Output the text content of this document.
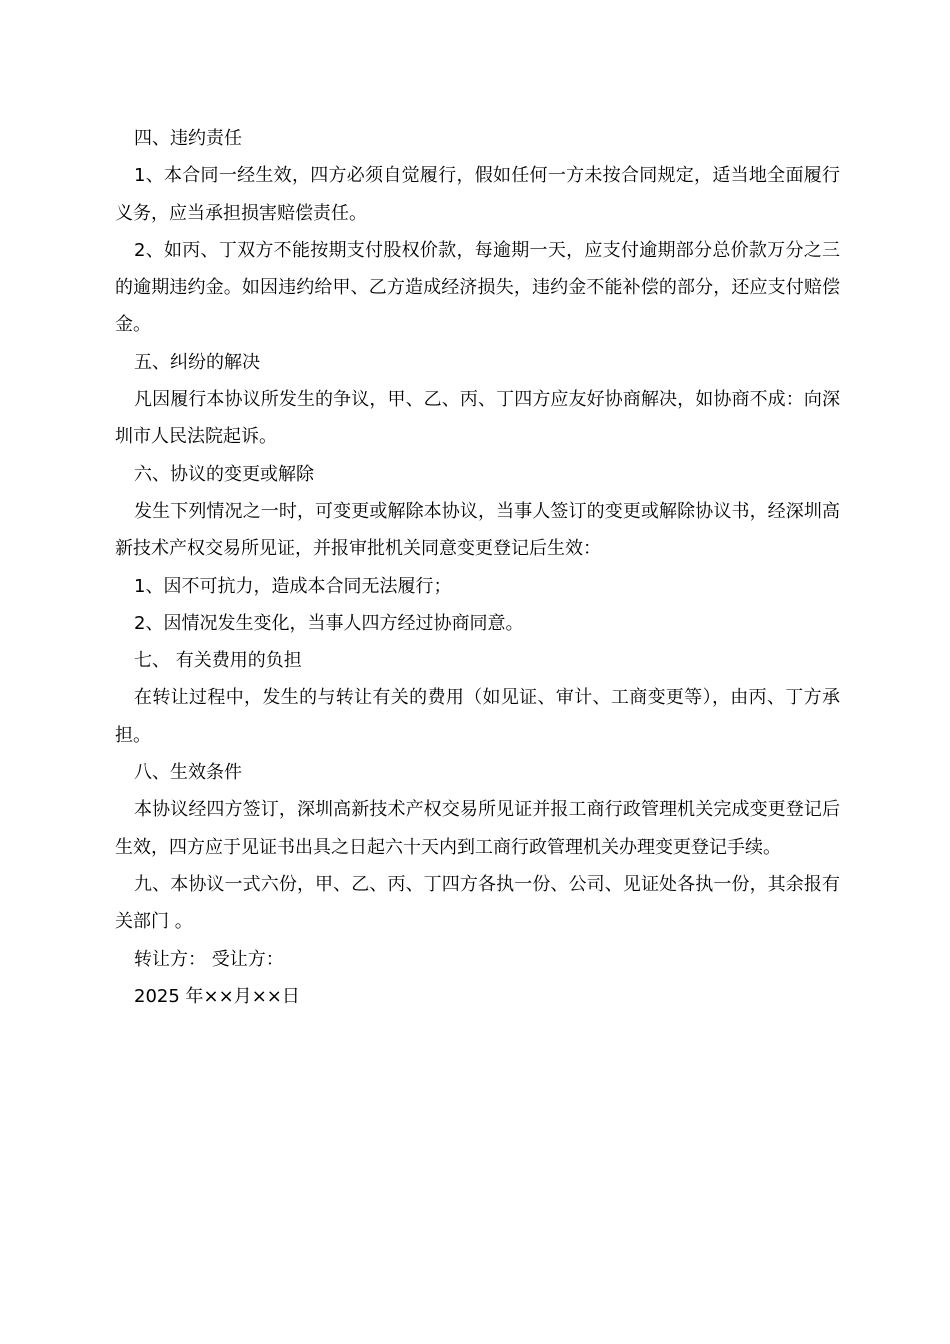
四、违约责任

1、本合同一经生效，四方必须自觉履行，假如任何一方未按合同规定，适当地全面履行义务，应当承担损害赔偿责任。

2、如丙、丁双方不能按期支付股权价款，每逾期一天，应支付逾期部分总价款万分之三的逾期违约金。如因违约给甲、乙方造成经济损失，违约金不能补偿的部分，还应支付赔偿金。

五、纠纷的解决

凡因履行本协议所发生的争议，甲、乙、丙、丁四方应友好协商解决，如协商不成：向深圳市人民法院起诉。

六、协议的变更或解除

发生下列情况之一时，可变更或解除本协议，当事人签订的变更或解除协议书，经深圳高新技术产权交易所见证，并报审批机关同意变更登记后生效：

1、因不可抗力，造成本合同无法履行；

2、因情况发生变化，当事人四方经过协商同意。

七、 有关费用的负担

在转让过程中，发生的与转让有关的费用（如见证、审计、工商变更等），由丙、丁方承担。

八、生效条件

本协议经四方签订，深圳高新技术产权交易所见证并报工商行政管理机关完成变更登记后生效，四方应于见证书出具之日起六十天内到工商行政管理机关办理变更登记手续。

九、本协议一式六份，甲、乙、丙、丁四方各执一份、公司、见证处各执一份，其余报有关部门 。

转让方： 受让方：

2025 年××月××日
